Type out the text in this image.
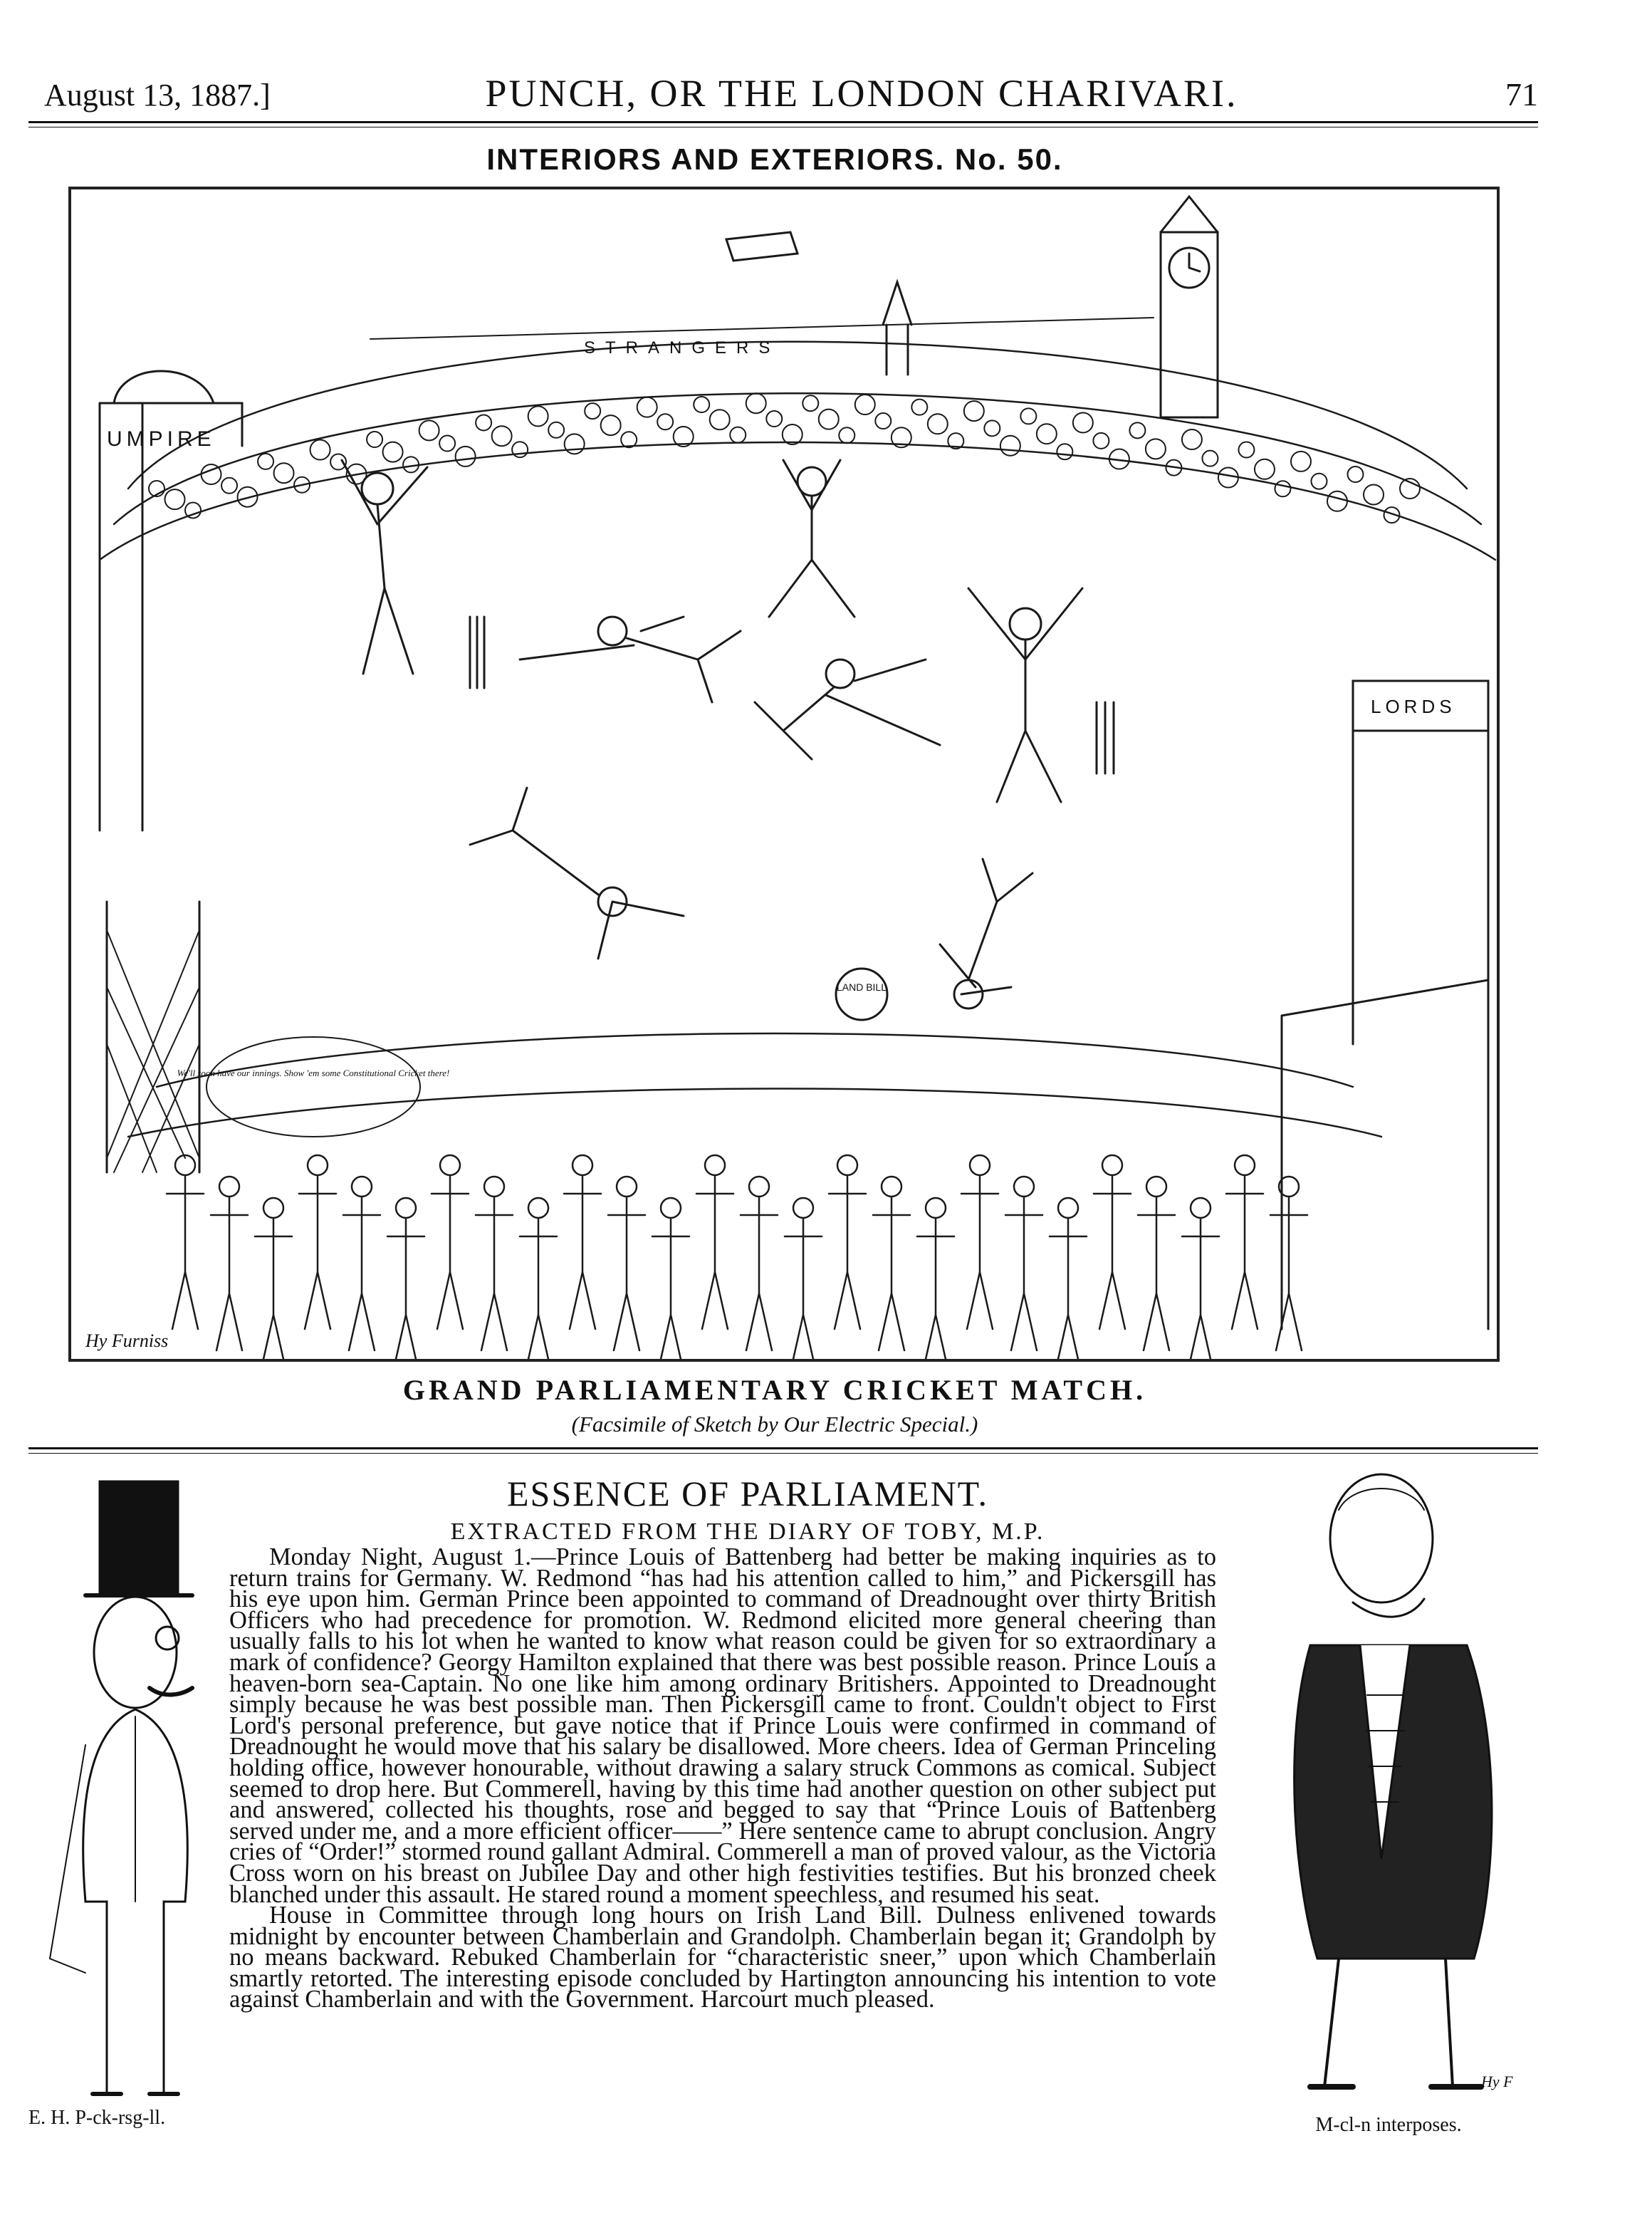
August 13, 1887.]	PUNCH, OR THE LONDON CHARIVARI.	71
INTERIORS AND EXTERIORS. No. 50.
UMPIRE
STRANGERS
LORDS
LAND BILL
We'll soon have our innings. Show 'em some Constitutional Cricket there!
Hy Furniss
GRAND PARLIAMENTARY CRICKET MATCH.
(Facsimile of Sketch by Our Electric Special.)
E. H. P-ck-rsg-ll.
Hy F
M-cl-n interposes.
ESSENCE OF PARLIAMENT.
EXTRACTED FROM THE DIARY OF TOBY, M.P.

Monday Night, August 1.—Prince Louis of Battenberg had better be making inquiries as to return trains for Germany. W. Redmond “has had his attention called to him,” and Pickersgill has his eye upon him. German Prince been appointed to command of Dreadnought over thirty British Officers who had precedence for promotion. W. Redmond elicited more general cheering than usually falls to his lot when he wanted to know what reason could be given for so extraordinary a mark of confidence? Georgy Hamilton explained that there was best possible reason. Prince Louis a heaven-born sea-Captain. No one like him among ordinary Britishers. Appointed to Dreadnought simply because he was best possible man. Then Pickersgill came to front. Couldn't object to First Lord's personal preference, but gave notice that if Prince Louis were confirmed in command of Dreadnought he would move that his salary be disallowed. More cheers. Idea of German Princeling holding office, however honourable, without drawing a salary struck Commons as comical. Subject seemed to drop here. But Commerell, having by this time had another question on other subject put and answered, collected his thoughts, rose and begged to say that “Prince Louis of Battenberg served under me, and a more efficient officer——” Here sentence came to abrupt conclusion. Angry cries of “Order!” stormed round gallant Admiral. Commerell a man of proved valour, as the Victoria Cross worn on his breast on Jubilee Day and other high festivities testifies. But his bronzed cheek blanched under this assault. He stared round a moment speechless, and resumed his seat.

House in Committee through long hours on Irish Land Bill. Dulness enlivened towards midnight by encounter between Chamberlain and Grandolph. Chamberlain began it; Grandolph by no means backward. Rebuked Chamberlain for “characteristic sneer,” upon which Chamberlain smartly retorted. The interesting episode concluded by Hartington announcing his intention to vote against Chamberlain and with the Government. Harcourt much pleased.
